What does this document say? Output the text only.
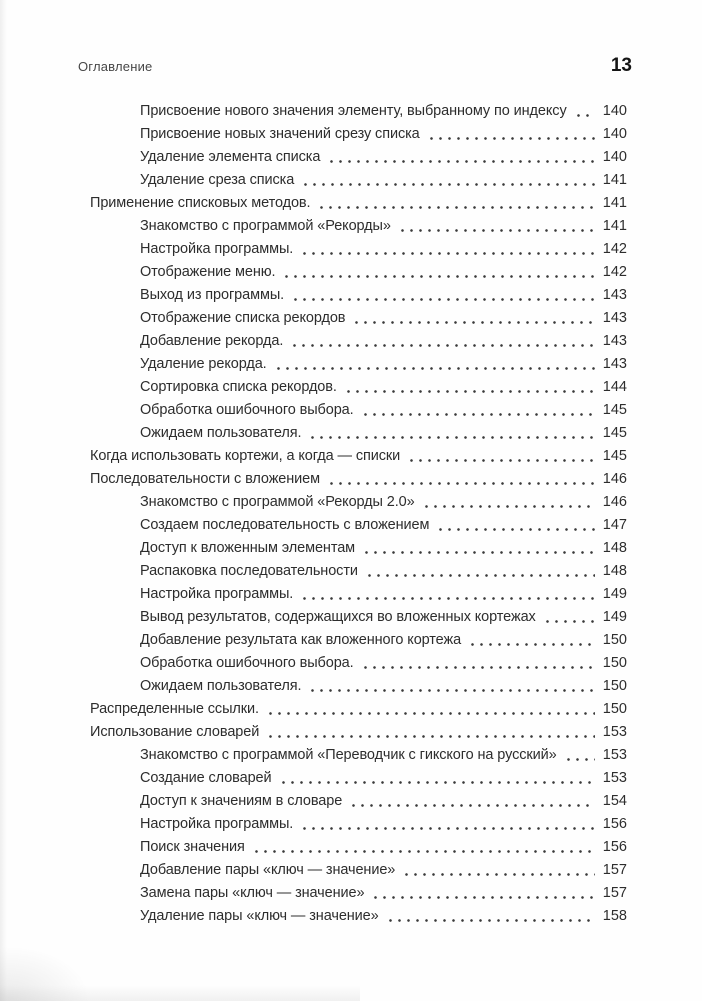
Оглавление	13
Присвоение нового значения элементу, выбранному по индексу 140
Присвоение новых значений срезу списка	140
Удаление элемента списка	140
Удаление среза списка	141
Применение списковых методов.	141
Знакомство с программой «Рекорды»	141
Настройка программы.	142
Отображение меню.	142
Выход из программы.	143
Отображение списка рекордов	143
Добавление рекорда.	143
Удаление рекорда.	143
Сортировка списка рекордов.	144
Обработка ошибочного выбора.	145
Ожидаем пользователя.	145
Когда использовать кортежи, а когда — списки	145
Последовательности с вложением	146
Знакомство с программой «Рекорды 2.0»	146
Создаем последовательность с вложением	147
Доступ к вложенным элементам	148
Распаковка последовательности	148
Настройка программы.	149
Вывод результатов, содержащихся во вложенных кортежах	149
Добавление результата как вложенного кортежа	150
Обработка ошибочного выбора.	150
Ожидаем пользователя.	150
Распределенные ссылки.	150
Использование словарей	153
Знакомство с программой «Переводчик с гикского на русский»	153
Создание словарей	153
Доступ к значениям в словаре	154
Настройка программы.	156
Поиск значения	156
Добавление пары «ключ — значение»	157
Замена пары «ключ — значение»	157
Удаление пары «ключ — значение»	158
